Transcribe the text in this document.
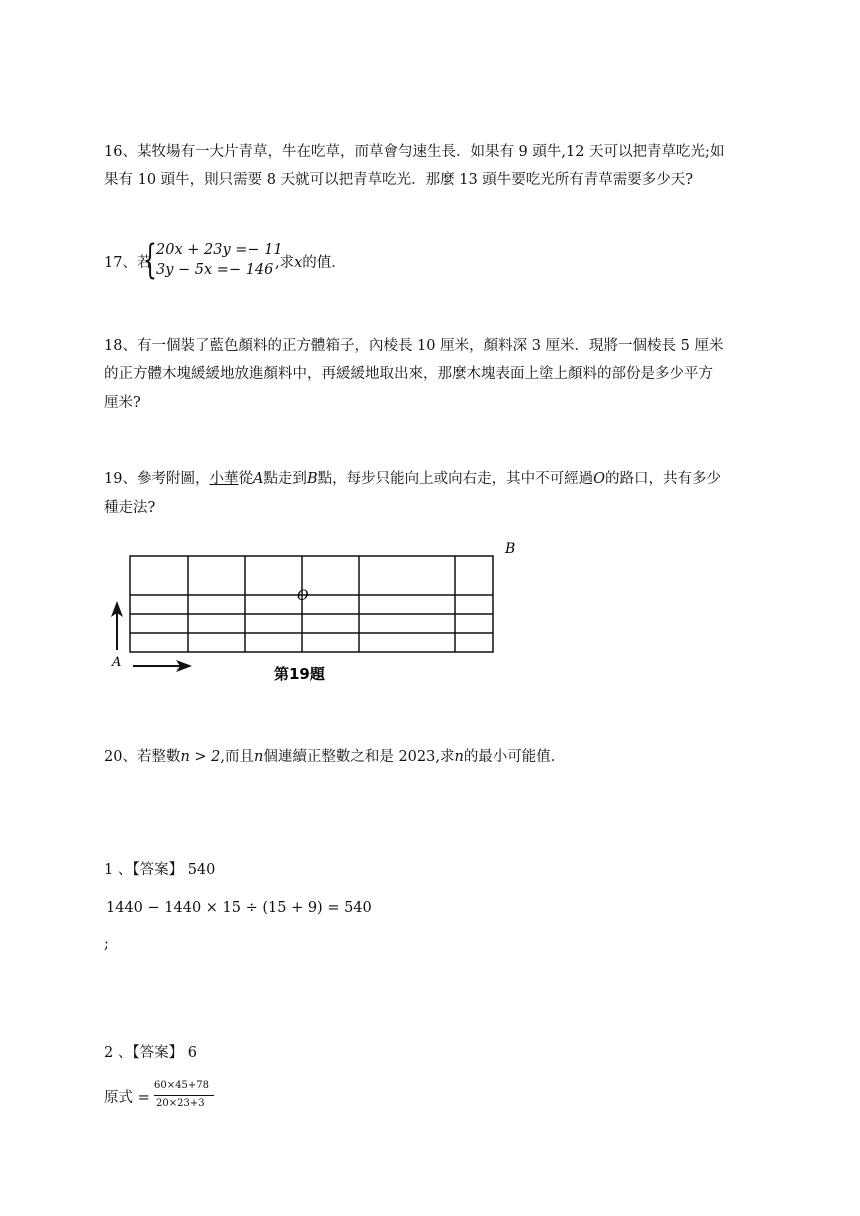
16、某牧場有一大片青草，牛在吃草，而草會勻速生長．如果有 9 頭牛,12 天可以把青草吃光;如
果有 10 頭牛，則只需要 8 天就可以把青草吃光．那麼 13 頭牛要吃光所有青草需要多少天?
17、若
{ 20x + 23y =− 11
3y − 5x =− 146 ,求x的值．
18、有一個裝了藍色顏料的正方體箱子，內棱長 10 厘米，顏料深 3 厘米．現將一個棱長 5 厘米
的正方體木塊緩緩地放進顏料中，再緩緩地取出來，那麼木塊表面上塗上顏料的部份是多少平方
厘米?
19、參考附圖，小華從A點走到B點，每步只能向上或向右走，其中不可經過O的路口，共有多少
種走法?
A
B
O
第19題
20、若整數n > 2,而且n個連續正整數之和是 2023,求n的最小可能值．
1 、【答案】 540
1440 − 1440 × 15 ÷ (15 + 9) = 540
;
2 、【答案】 6
原式 =
60×45+78
20×23+3
